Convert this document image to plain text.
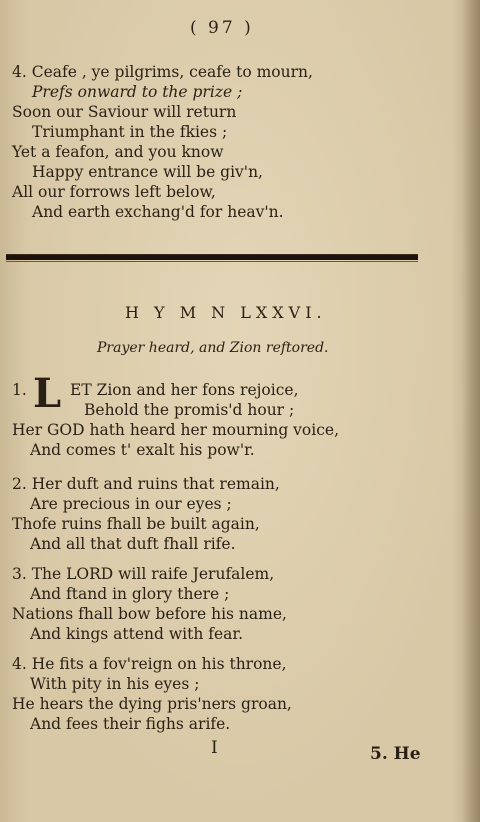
( 97 )
4. Ceafe , ye pilgrims, ceafe to mourn,
Prefs onward to the prize ;
Soon our Saviour will return
Triumphant in the fkies ;
Yet a feafon, and you know
Happy entrance will be giv'n,
All our forrows left below,
And earth exchang'd for heav'n.
H Y M N LXXVI.
Prayer heard, and Zion reftored.
1. L ET Zion and her fons rejoice,
Behold the promis'd hour ;
Her GOD hath heard her mourning voice,
And comes t' exalt his pow'r.
2. Her duft and ruins that remain,
Are precious in our eyes ;
Thofe ruins fhall be built again,
And all that duft fhall rife.
3. The LORD will raife Jerufalem,
And ftand in glory there ;
Nations fhall bow before his name,
And kings attend with fear.
4. He fits a fov'reign on his throne,
With pity in his eyes ;
He hears the dying pris'ners groan,
And fees their fighs arife.
I	5. He
